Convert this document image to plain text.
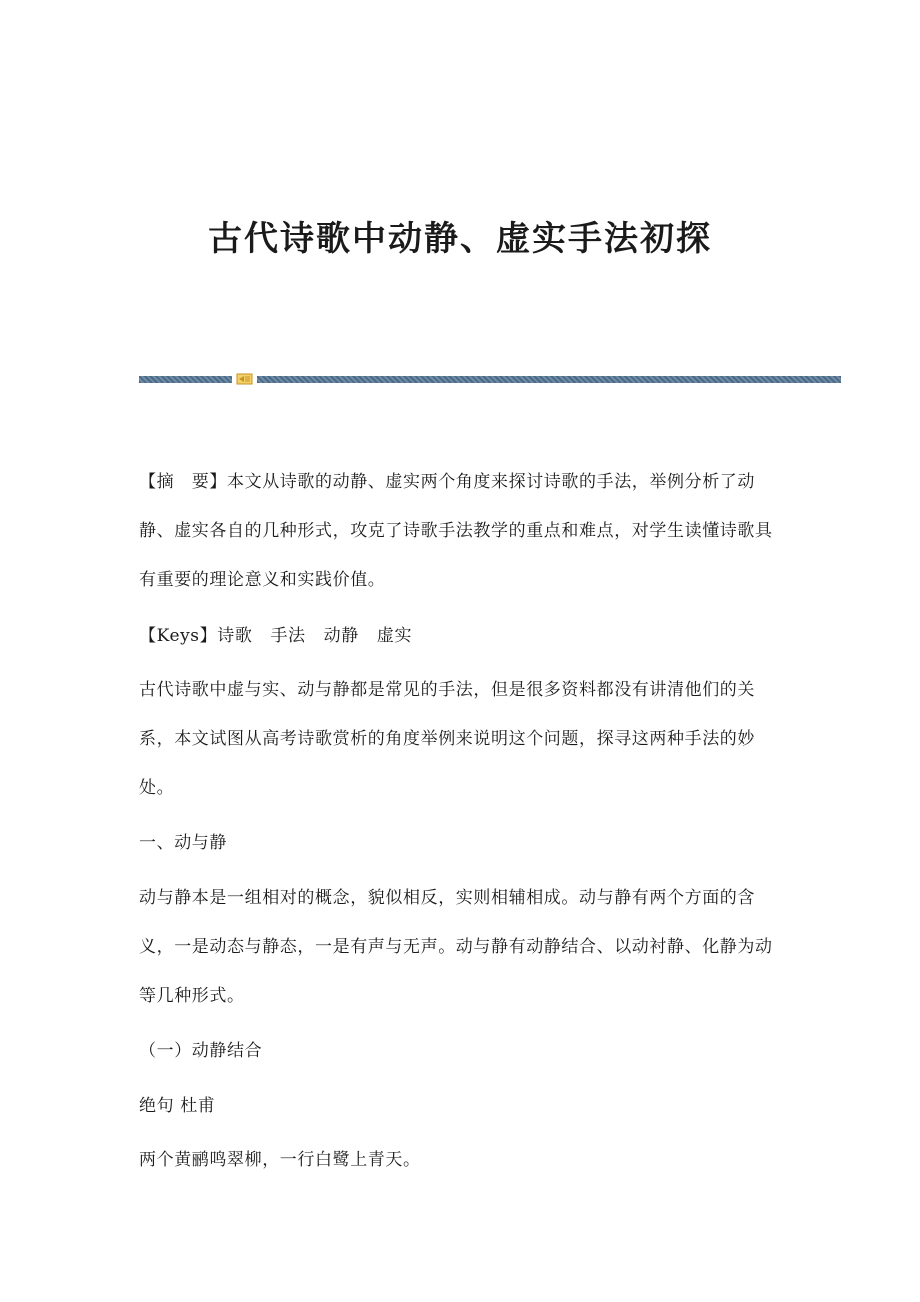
古代诗歌中动静、虚实手法初探

【摘　要】本文从诗歌的动静、虚实两个角度来探讨诗歌的手法，举例分析了动静、虚实各自的几种形式，攻克了诗歌手法教学的重点和难点，对学生读懂诗歌具有重要的理论意义和实践价值。

【Keys】诗歌 手法 动静 虚实

古代诗歌中虚与实、动与静都是常见的手法，但是很多资料都没有讲清他们的关系，本文试图从高考诗歌赏析的角度举例来说明这个问题，探寻这两种手法的妙处。

一、动与静

动与静本是一组相对的概念，貌似相反，实则相辅相成。动与静有两个方面的含义，一是动态与静态，一是有声与无声。动与静有动静结合、以动衬静、化静为动等几种形式。

（一）动静结合

绝句 杜甫

两个黄鹂鸣翠柳，一行白鹭上青天。
